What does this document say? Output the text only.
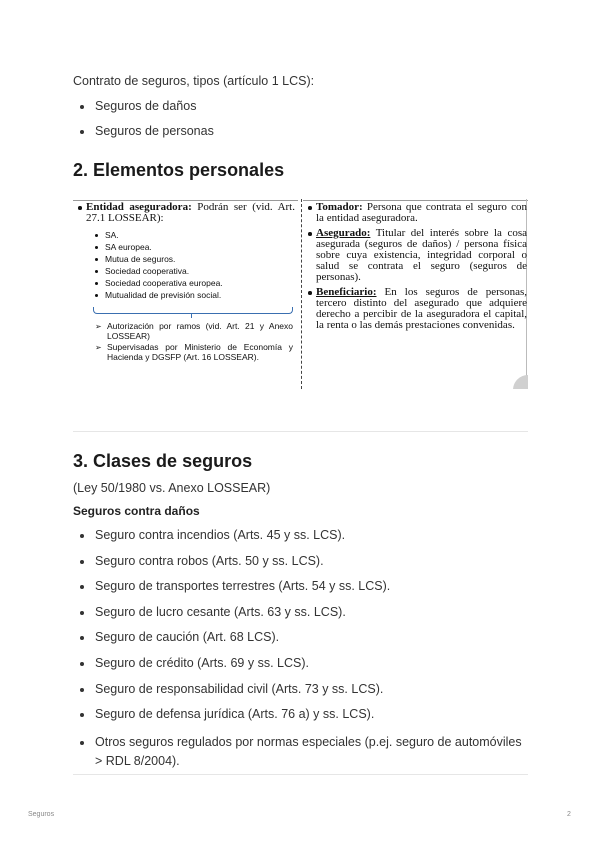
Contrato de seguros, tipos (artículo 1 LCS):
Seguros de daños
Seguros de personas
2. Elementos personales
Entidad aseguradora: Podrán ser (vid. Art. 27.1 LOSSEAR):
SA.
SA europea.
Mutua de seguros.
Sociedad cooperativa.
Sociedad cooperativa europea.
Mutualidad de previsión social.
➢ Autorización por ramos (vid. Art. 21 y Anexo LOSSEAR)
➢ Supervisadas por Ministerio de Economía y Hacienda y DGSFP (Art. 16 LOSSEAR).
Tomador: Persona que contrata el seguro con la entidad aseguradora.
Asegurado: Titular del interés sobre la cosa asegurada (seguros de daños) / persona física sobre cuya existencia, integridad corporal o salud se contrata el seguro (seguros de personas).
Beneficiario: En los seguros de personas, tercero distinto del asegurado que adquiere derecho a percibir de la aseguradora el capital, la renta o las demás prestaciones convenidas.
3. Clases de seguros
(Ley 50/1980 vs. Anexo LOSSEAR)
Seguros contra daños
Seguro contra incendios (Arts. 45 y ss. LCS).
Seguro contra robos (Arts. 50 y ss. LCS).
Seguro de transportes terrestres (Arts. 54 y ss. LCS).
Seguro de lucro cesante (Arts. 63 y ss. LCS).
Seguro de caución (Art. 68 LCS).
Seguro de crédito (Arts. 69 y ss. LCS).
Seguro de responsabilidad civil (Arts. 73 y ss. LCS).
Seguro de defensa jurídica (Arts. 76 a) y ss. LCS).
Otros seguros regulados por normas especiales (p.ej. seguro de automóviles > RDL 8/2004).
Seguros	2
